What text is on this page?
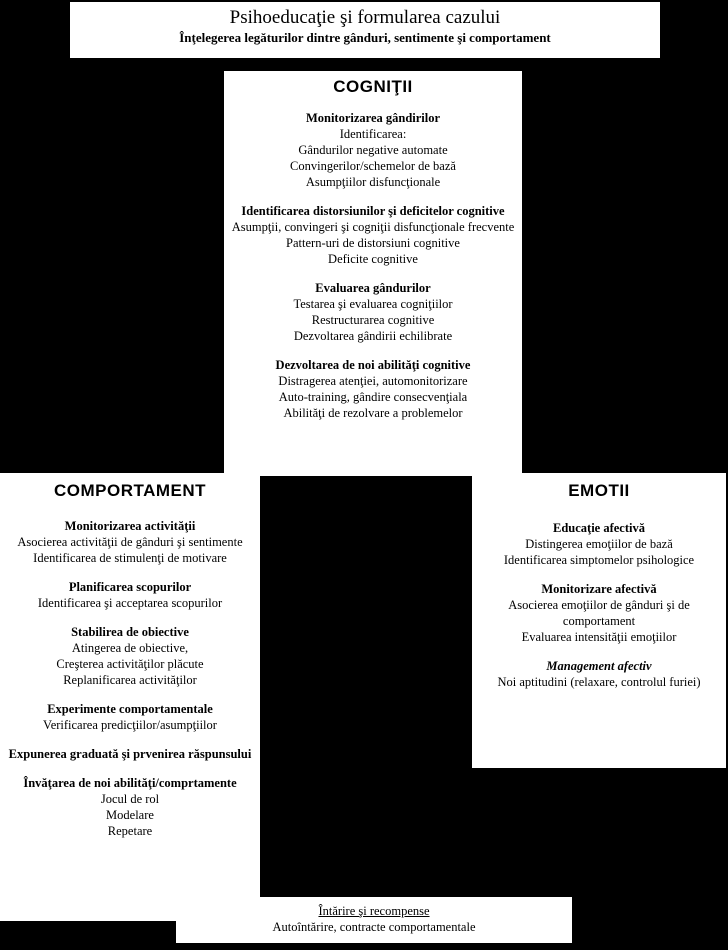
Psihoeducaţie şi formularea cazului
Înţelegerea legăturilor dintre gânduri, sentimente şi comportament
COGNIŢII
Monitorizarea gândirilor
Identificarea:
Gândurilor negative automate
Convingerilor/schemelor de bază
Asumpţiilor disfuncţionale
Identificarea distorsiunilor şi deficitelor cognitive
Asumpţii, convingeri şi cogniţii disfuncţionale frecvente
Pattern-uri de distorsiuni cognitive
Deficite cognitive
Evaluarea gândurilor
Testarea şi evaluarea cogniţiilor
Restructurarea cognitive
Dezvoltarea gândirii echilibrate
Dezvoltarea de noi abilităţi cognitive
Distragerea atenţiei, automonitorizare
Auto-training, gândire consecvenţiala
Abilităţi de rezolvare a problemelor
COMPORTAMENT
Monitorizarea activităţii
Asocierea activităţii de gânduri şi sentimente
Identificarea de stimulenţi de motivare
Planificarea scopurilor
Identificarea şi acceptarea scopurilor
Stabilirea de obiective
Atingerea de obiective,
Creşterea activităţilor plăcute
Replanificarea activităţilor
Experimente comportamentale
Verificarea predicţiilor/asumpţiilor
Expunerea graduată şi prvenirea răspunsului
Învăţarea de noi abilităţi/comprtamente
Jocul de rol
Modelare
Repetare
EMOTII
Educaţie afectivă
Distingerea emoţiilor de bază
Identificarea simptomelor psihologice
Monitorizare afectivă
Asocierea emoţiilor de gânduri şi de comportament
Evaluarea intensităţii emoţiilor
Management afectiv
Noi aptitudini (relaxare, controlul furiei)
Întărire şi recompense
Autoîntărire, contracte comportamentale
